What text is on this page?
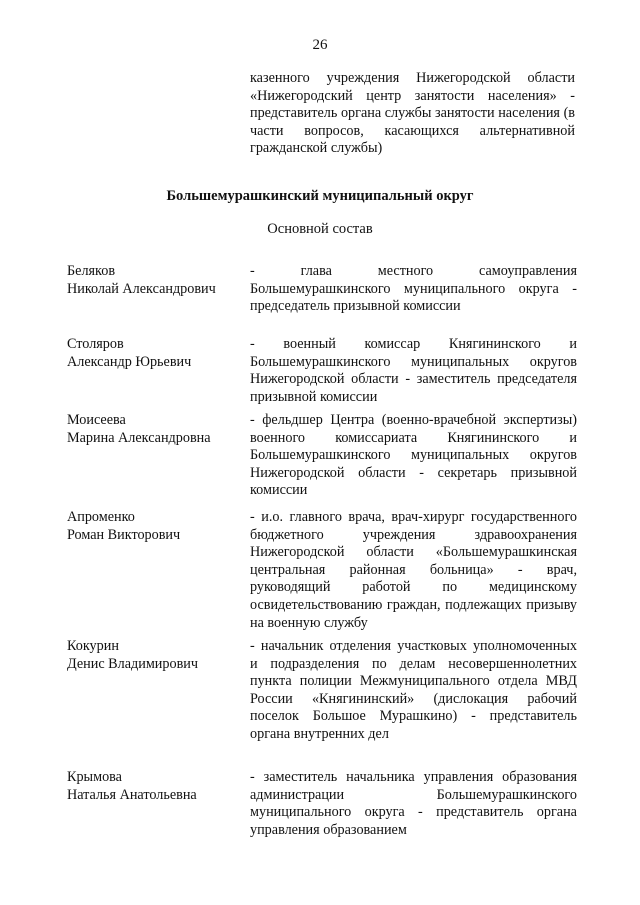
26
казенного учреждения Нижегородской области «Нижегородский центр занятости населения» - представитель органа службы занятости населения (в части вопросов, касающихся альтернативной гражданской службы)
Большемурашкинский муниципальный округ
Основной состав
Беляков
Николай Александрович
- глава местного самоуправления Большемурашкинского муниципального округа - председатель призывной комиссии
Столяров
Александр Юрьевич
- военный комиссар Княгининского и Большемурашкинского муниципальных округов Нижегородской области - заместитель председателя призывной комиссии
Моисеева
Марина Александровна
- фельдшер Центра (военно-врачебной экспертизы) военного комиссариата Княгининского и Большемурашкинского муниципальных округов Нижегородской области - секретарь призывной комиссии
Апроменко
Роман Викторович
- и.о. главного врача, врач-хирург государственного бюджетного учреждения здравоохранения Нижегородской области «Большемурашкинская центральная районная больница» - врач, руководящий работой по медицинскому освидетельствованию граждан, подлежащих призыву на военную службу
Кокурин
Денис Владимирович
- начальник отделения участковых уполномоченных и подразделения по делам несовершеннолетних пункта полиции Межмуниципального отдела МВД России «Княгининский» (дислокация рабочий поселок Большое Мурашкино) - представитель органа внутренних дел
Крымова
Наталья Анатольевна
- заместитель начальника управления образования администрации Большемурашкинского муниципального округа - представитель органа управления образованием
